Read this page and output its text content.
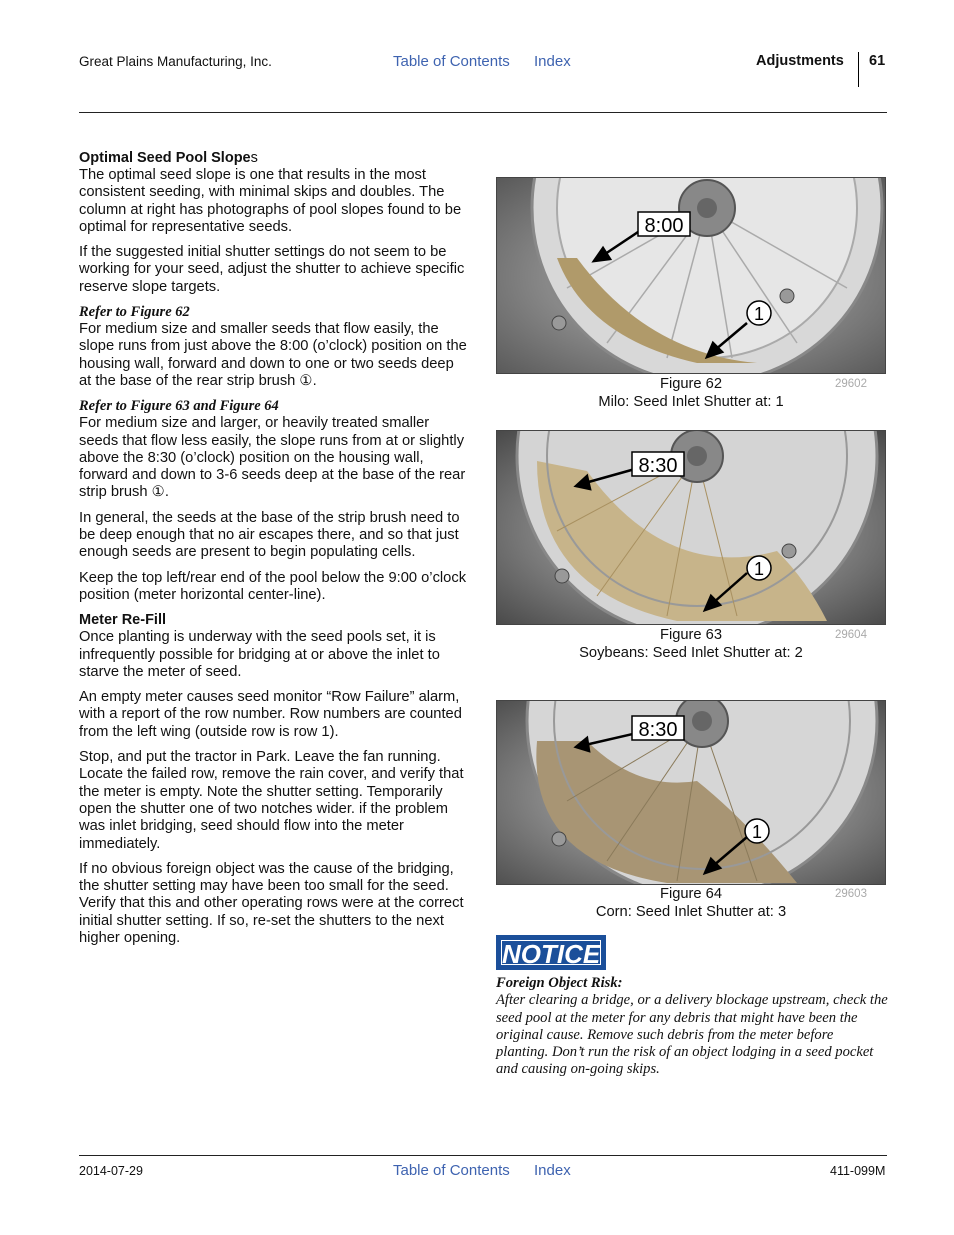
Great Plains Manufacturing, Inc.	Table of Contents Index	Adjustments 61
Optimal Seed Pool Slopes

The optimal seed slope is one that results in the most consistent seeding, with minimal skips and doubles. The column at right has photographs of pool slopes found to be optimal for representative seeds.

If the suggested initial shutter settings do not seem to be working for your seed, adjust the shutter to achieve specific reserve slope targets.

Refer to Figure 62

For medium size and smaller seeds that flow easily, the slope runs from just above the 8:00 (o’clock) position on the housing wall, forward and down to one or two seeds deep at the base of the rear strip brush ①.

Refer to Figure 63 and Figure 64

For medium size and larger, or heavily treated smaller seeds that flow less easily, the slope runs from at or slightly above the 8:30 (o’clock) position on the housing wall, forward and down to 3-6 seeds deep at the base of the rear strip brush ①.

In general, the seeds at the base of the strip brush need to be deep enough that no air escapes there, and so that just enough seeds are present to begin populating cells.

Keep the top left/rear end of the pool below the 9:00 o’clock position (meter horizontal center-line).

Meter Re-Fill

Once planting is underway with the seed pools set, it is infrequently possible for bridging at or above the inlet to starve the meter of seed.

An empty meter causes seed monitor “Row Failure” alarm, with a report of the row number. Row numbers are counted from the left wing (outside row is row 1).

Stop, and put the tractor in Park. Leave the fan running. Locate the failed row, remove the rain cover, and verify that the meter is empty. Note the shutter setting. Temporarily open the shutter one of two notches wider. if the problem was inlet bridging, seed should flow into the meter immediately.

If no obvious foreign object was the cause of the bridging, the shutter setting may have been too small for the seed. Verify that this and other operating rows were at the correct initial shutter setting. If so, re-set the shutters to the next higher opening.

8:00
1
Figure 62
Milo: Seed Inlet Shutter at: 1
29602
8:30
1
Figure 63
Soybeans: Seed Inlet Shutter at: 2
29604
8:30
1
Figure 64
Corn: Seed Inlet Shutter at: 3
29603
NOTICE
Foreign Object Risk:
After clearing a bridge, or a delivery blockage upstream, check the seed pool at the meter for any debris that might have been the original cause. Remove such debris from the meter before planting. Don’t run the risk of an object lodging in a seed pocket and causing on-going skips.
2014-07-29	Table of Contents Index	411-099M
